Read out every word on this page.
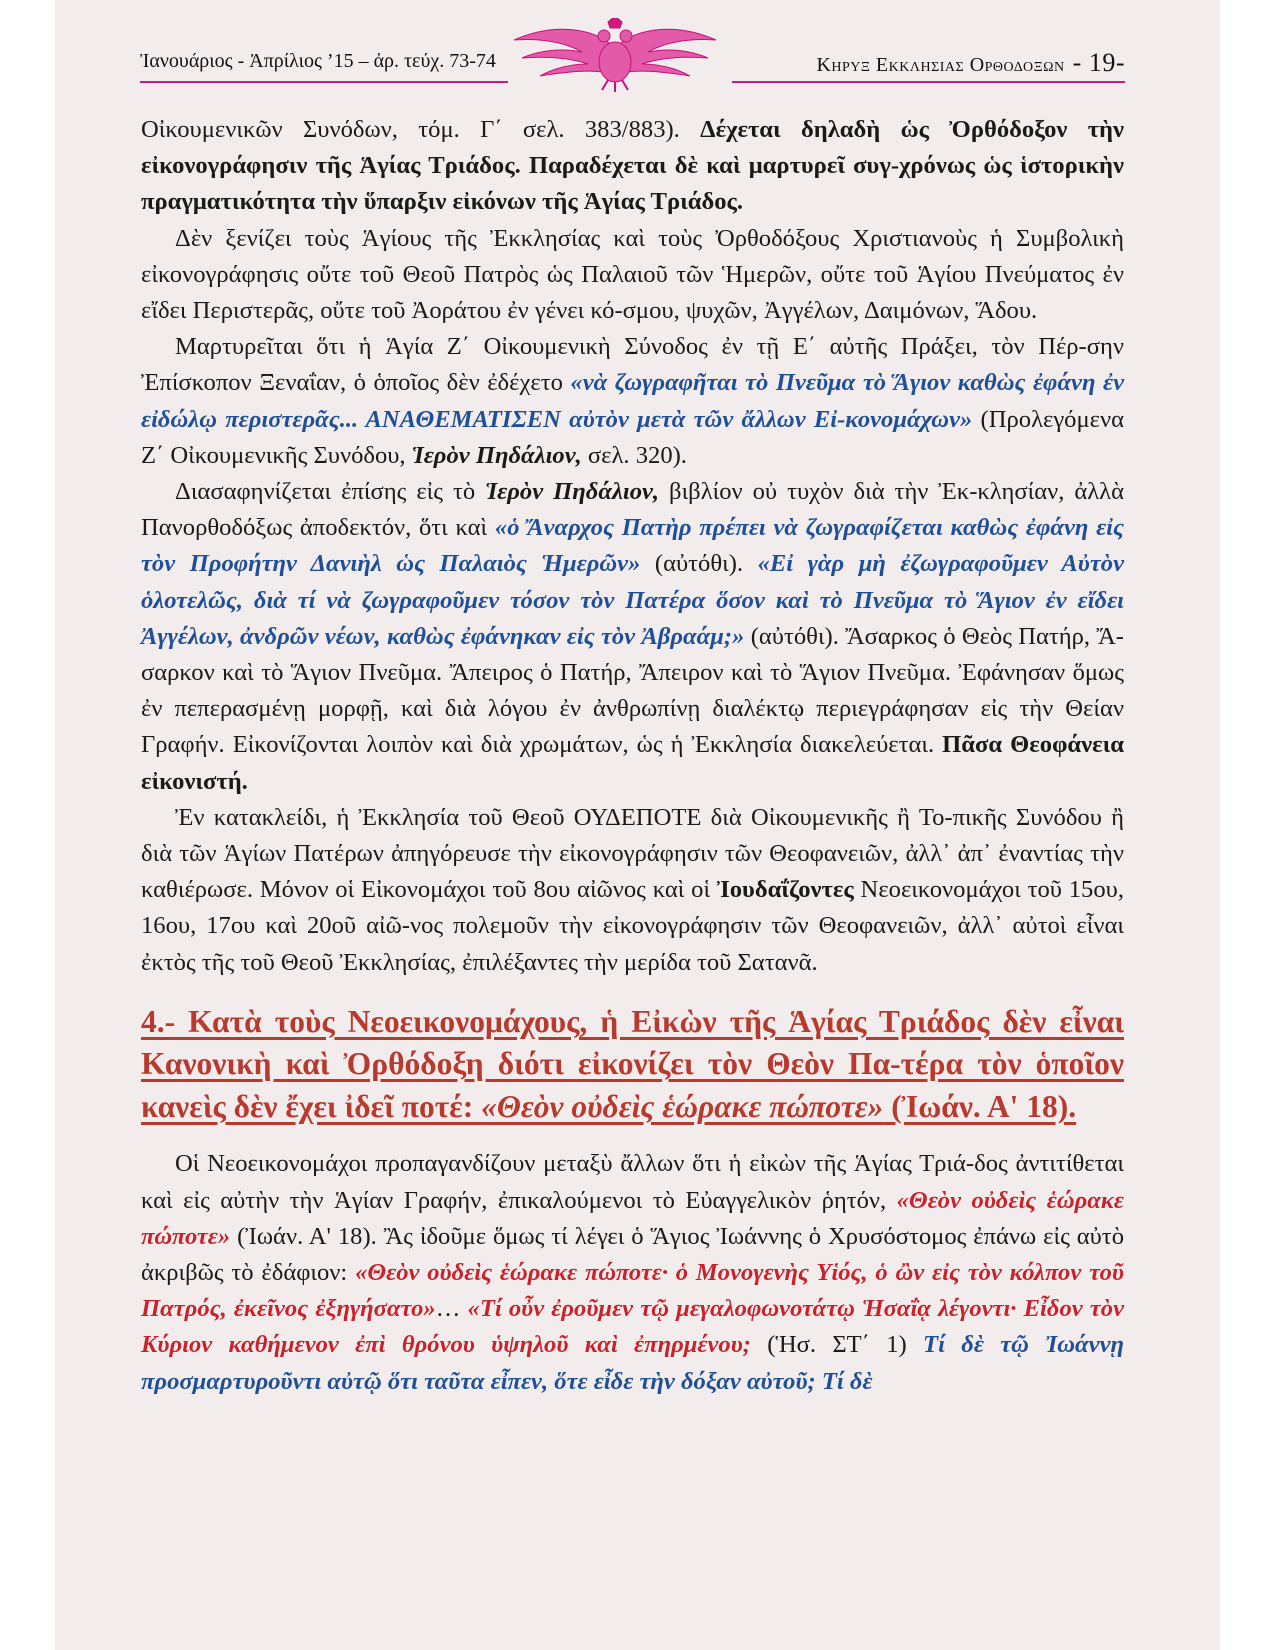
Ἰανουάριος - Ἀπρίλιος ’15 – ἀρ. τεύχ. 73-74	Κηρυξ Εκκλησιας Ορθοδοξων - 19-

Οἰκουμενικῶν Συνόδων, τόμ. Γ΄ σελ. 383/883). Δέχεται δηλαδὴ ὡς Ὀρθόδοξον τὴν εἰκονογράφησιν τῆς Ἁγίας Τριάδος. Παραδέχεται δὲ καὶ μαρτυρεῖ συγ-χρόνως ὡς ἱστορικὴν πραγματικότητα τὴν ὕπαρξιν εἰκόνων τῆς Ἁγίας Τριάδος.

Δὲν ξενίζει τοὺς Ἁγίους τῆς Ἐκκλησίας καὶ τοὺς Ὀρθοδόξους Χριστιανοὺς ἡ Συμβολικὴ εἰκονογράφησις οὔτε τοῦ Θεοῦ Πατρὸς ὡς Παλαιοῦ τῶν Ἡμερῶν, οὔτε τοῦ Ἁγίου Πνεύματος ἐν εἴδει Περιστερᾶς, οὔτε τοῦ Ἀοράτου ἐν γένει κό-σμου, ψυχῶν, Ἀγγέλων, Δαιμόνων, Ἅδου.

Μαρτυρεῖται ὅτι ἡ Ἁγία Ζ΄ Οἰκουμενικὴ Σύνοδος ἐν τῇ Ε΄ αὐτῆς Πράξει, τὸν Πέρ-σην Ἐπίσκοπον Ξεναΐαν, ὁ ὁποῖος δὲν ἐδέχετο «νὰ ζωγραφῆται τὸ Πνεῦμα τὸ Ἅγιον καθὼς ἐφάνη ἐν εἰδώλῳ περιστερᾶς... ΑΝΑΘΕΜΑΤΙΣΕΝ αὐτὸν μετὰ τῶν ἄλλων Εἰ-κονομάχων» (Προλεγόμενα Ζ΄ Οἰκουμενικῆς Συνόδου, Ἱερὸν Πηδάλιον, σελ. 320).

Διασαφηνίζεται ἐπίσης εἰς τὸ Ἱερὸν Πηδάλιον, βιβλίον οὐ τυχὸν διὰ τὴν Ἐκ-κλησίαν, ἀλλὰ Πανορθοδόξως ἀποδεκτόν, ὅτι καὶ «ὁ Ἄναρχος Πατὴρ πρέπει νὰ ζωγραφίζεται καθὼς ἐφάνη εἰς τὸν Προφήτην Δανιὴλ ὡς Παλαιὸς Ἡμερῶν» (αὐτόθι). «Εἰ γὰρ μὴ ἐζωγραφοῦμεν Αὐτὸν ὁλοτελῶς, διὰ τί νὰ ζωγραφοῦμεν τόσον τὸν Πατέρα ὅσον καὶ τὸ Πνεῦμα τὸ Ἅγιον ἐν εἴδει Ἀγγέλων, ἀνδρῶν νέων, καθὼς ἐφάνηκαν εἰς τὸν Ἀβραάμ;» (αὐτόθι). Ἄσαρκος ὁ Θεὸς Πατήρ, Ἄ-σαρκον καὶ τὸ Ἅγιον Πνεῦμα. Ἄπειρος ὁ Πατήρ, Ἄπειρον καὶ τὸ Ἅγιον Πνεῦμα. Ἐφάνησαν ὅμως ἐν πεπερασμένῃ μορφῇ, καὶ διὰ λόγου ἐν ἀνθρωπίνῃ διαλέκτῳ περιεγράφησαν εἰς τὴν Θείαν Γραφήν. Εἰκονίζονται λοιπὸν καὶ διὰ χρωμάτων, ὡς ἡ Ἐκκλησία διακελεύεται. Πᾶσα Θεοφάνεια εἰκονιστή.

Ἐν κατακλείδι, ἡ Ἐκκλησία τοῦ Θεοῦ ΟΥΔΕΠΟΤΕ διὰ Οἰκουμενικῆς ἢ Το-πικῆς Συνόδου ἢ διὰ τῶν Ἁγίων Πατέρων ἀπηγόρευσε τὴν εἰκονογράφησιν τῶν Θεοφανειῶν, ἀλλ᾽ ἀπ᾽ ἐναντίας τὴν καθιέρωσε. Μόνον οἱ Εἰκονομάχοι τοῦ 8ου αἰῶνος καὶ οἱ Ἰουδαΐζοντες Νεοεικονομάχοι τοῦ 15ου, 16ου, 17ου καὶ 20οῦ αἰῶ-νος πολεμοῦν τὴν εἰκονογράφησιν τῶν Θεοφανειῶν, ἀλλ᾽ αὐτοὶ εἶναι ἐκτὸς τῆς τοῦ Θεοῦ Ἐκκλησίας, ἐπιλέξαντες τὴν μερίδα τοῦ Σατανᾶ.

4.- Κατὰ τοὺς Νεοεικονομάχους, ἡ Εἰκὼν τῆς Ἁγίας Τριάδος δὲν εἶναι Κανονικὴ καὶ Ὀρθόδοξη διότι εἰκονίζει τὸν Θεὸν Πα-τέρα τὸν ὁποῖον κανεὶς δὲν ἔχει ἰδεῖ ποτέ: «Θεὸν οὐδεὶς ἑώρακε πώποτε» (Ἰωάν. Α' 18).

Οἱ Νεοεικονομάχοι προπαγανδίζουν μεταξὺ ἄλλων ὅτι ἡ εἰκὼν τῆς Ἁγίας Τριά-δος ἀντιτίθεται καὶ εἰς αὐτὴν τὴν Ἁγίαν Γραφήν, ἐπικαλούμενοι τὸ Εὐαγγελικὸν ῥητόν, «Θεὸν οὐδεὶς ἑώρακε πώποτε» (Ἰωάν. Α' 18). Ἂς ἰδοῦμε ὅμως τί λέγει ὁ Ἅγιος Ἰωάννης ὁ Χρυσόστομος ἐπάνω εἰς αὐτὸ ἀκριβῶς τὸ ἐδάφιον: «Θεὸν οὐδεὶς ἑώρακε πώποτε· ὁ Μονογενὴς Υἱός, ὁ ὢν εἰς τὸν κόλπον τοῦ Πατρός, ἐκεῖνος ἐξηγήσατο»… «Τί οὖν ἐροῦμεν τῷ μεγαλοφωνοτάτῳ Ἡσαΐᾳ λέγοντι· Εἶδον τὸν Κύριον καθήμενον ἐπὶ θρόνου ὑψηλοῦ καὶ ἐπηρμένου; (Ἡσ. ΣΤ΄ 1) Τί δὲ τῷ Ἰωάννῃ προσμαρτυροῦντι αὐτῷ ὅτι ταῦτα εἶπεν, ὅτε εἶδε τὴν δόξαν αὐτοῦ; Τί δὲ
